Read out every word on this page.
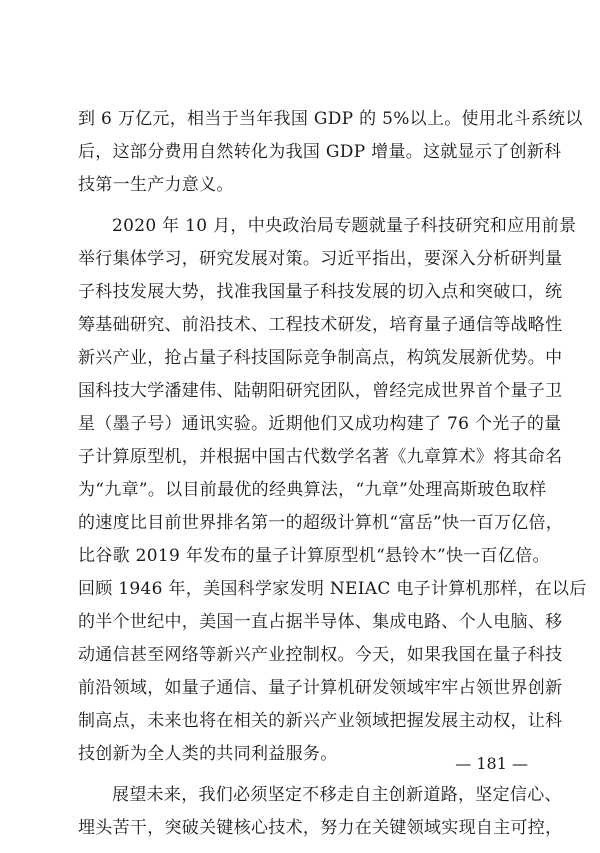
到 6 万亿元，相当于当年我国 GDP 的 5%以上。使用北斗系统以
后，这部分费用自然转化为我国 GDP 增量。这就显示了创新科
技第一生产力意义。
2020 年 10 月，中央政治局专题就量子科技研究和应用前景
举行集体学习，研究发展对策。习近平指出，要深入分析研判量
子科技发展大势，找准我国量子科技发展的切入点和突破口，统
筹基础研究、前沿技术、工程技术研发，培育量子通信等战略性
新兴产业，抢占量子科技国际竞争制高点，构筑发展新优势。中
国科技大学潘建伟、陆朝阳研究团队，曾经完成世界首个量子卫
星（墨子号）通讯实验。近期他们又成功构建了 76 个光子的量
子计算原型机，并根据中国古代数学名著《九章算术》将其命名
为“九章”。以目前最优的经典算法，“九章”处理高斯玻色取样
的速度比目前世界排名第一的超级计算机“富岳”快一百万亿倍，
比谷歌 2019 年发布的量子计算原型机“悬铃木”快一百亿倍。
回顾 1946 年，美国科学家发明 NEIAC 电子计算机那样，在以后
的半个世纪中，美国一直占据半导体、集成电路、个人电脑、移
动通信甚至网络等新兴产业控制权。今天，如果我国在量子科技
前沿领域，如量子通信、量子计算机研发领域牢牢占领世界创新
制高点，未来也将在相关的新兴产业领域把握发展主动权，让科
技创新为全人类的共同利益服务。
展望未来，我们必须坚定不移走自主创新道路，坚定信心、
埋头苦干，突破关键核心技术，努力在关键领域实现自主可控，
— 181 —
